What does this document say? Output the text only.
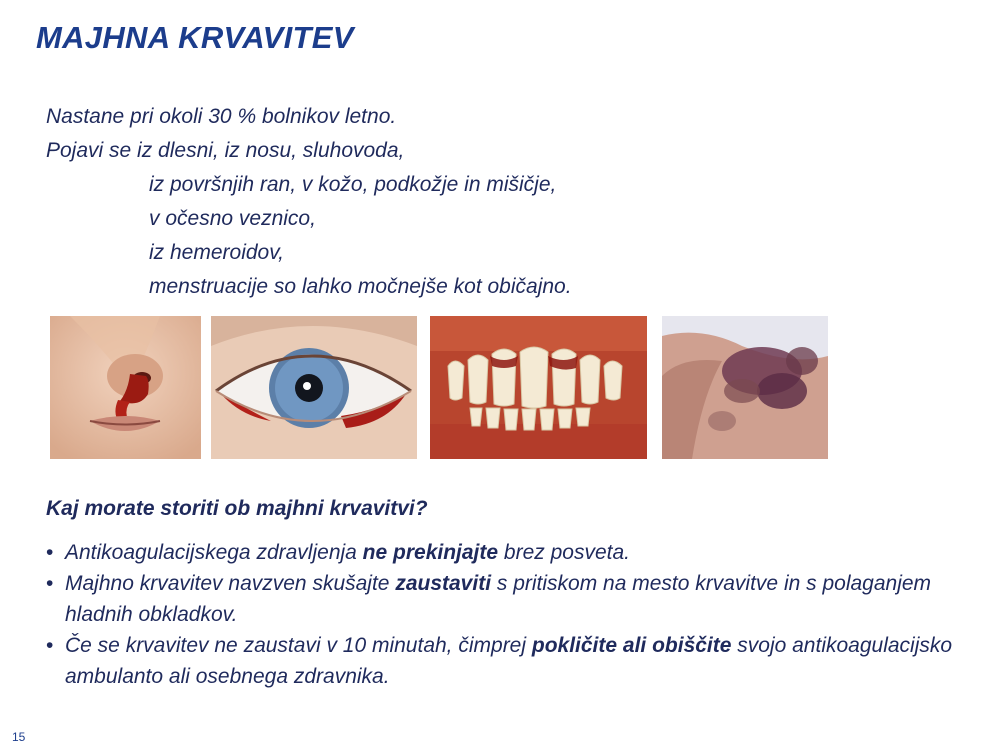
MAJHNA KRVAVITEV
Nastane pri okoli 30 % bolnikov letno.
Pojavi se iz dlesni, iz nosu, sluhovoda,
iz površnjih ran, v kožo, podkožje in mišičje,
v očesno veznico,
iz hemeroidov,
menstruacije so lahko močnejše kot običajno.
Kaj morate storiti ob majhni krvavitvi?
• Antikoagulacijskega zdravljenja ne prekinjajte brez posveta.
• Majhno krvavitev navzven skušajte zaustaviti s pritiskom na mesto krvavitve in s polaganjem hladnih obkladkov.
• Če se krvavitev ne zaustavi v 10 minutah, čimprej pokličite ali obiščite svojo antikoagulacijsko ambulanto ali osebnega zdravnika.
15
